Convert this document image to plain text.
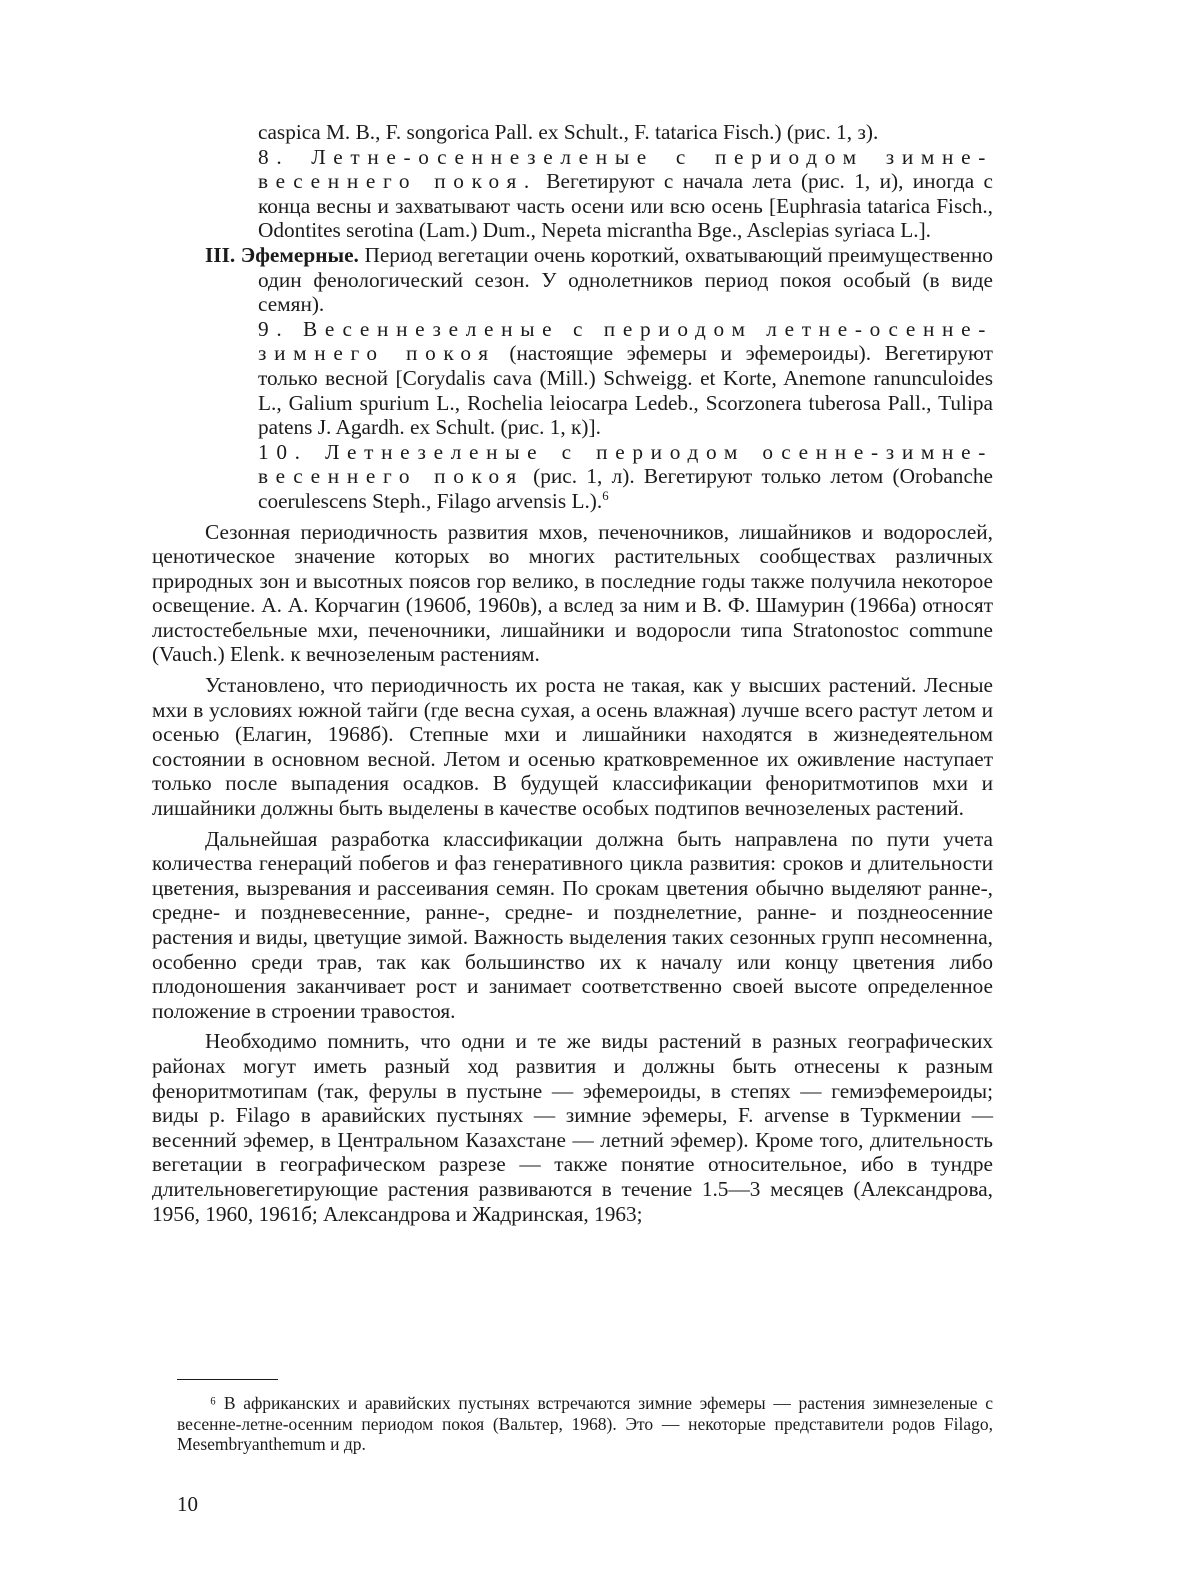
caspica M. B., F. songorica Pall. ex Schult., F. tatarica Fisch.) (рис. 1, з).

8. Летне-осеннезеленые с периодом зимне-весеннего покоя. Вегетируют с начала лета (рис. 1, и), иногда с конца весны и захватывают часть осени или всю осень [Euphrasia tatarica Fisch., Odontites serotina (Lam.) Dum., Nepeta micrantha Bge., Asclepias syriaca L.].

III. Эфемерные. Период вегетации очень короткий, охватывающий преимущественно один фенологический сезон. У однолетников период покоя особый (в виде семян).

9. Весеннезеленые с периодом летне-осенне-зимнего покоя (настоящие эфемеры и эфемероиды). Вегетируют только весной [Corydalis cava (Mill.) Schweigg. et Korte, Anemone ranunculoides L., Galium spurium L., Rochelia leiocarpa Ledeb., Scorzonera tuberosa Pall., Tulipa patens J. Agardh. ex Schult. (рис. 1, к)].

10. Летнезеленые с периодом осенне-зимне-весеннего покоя (рис. 1, л). Вегетируют только летом (Orobanche coerulescens Steph., Filago arvensis L.).$^6$

Сезонная периодичность развития мхов, печеночников, лишайников и водорослей, ценотическое значение которых во многих растительных сообществах различных природных зон и высотных поясов гор велико, в последние годы также получила некоторое освещение. А. А. Корчагин (1960б, 1960в), а вслед за ним и В. Ф. Шамурин (1966а) относят листостебельные мхи, печеночники, лишайники и водоросли типа Stratonostoc commune (Vauch.) Elenk. к вечнозеленым растениям.

Установлено, что периодичность их роста не такая, как у высших растений. Лесные мхи в условиях южной тайги (где весна сухая, а осень влажная) лучше всего растут летом и осенью (Елагин, 1968б). Степные мхи и лишайники находятся в жизнедеятельном состоянии в основном весной. Летом и осенью кратковременное их оживление наступает только после выпадения осадков. В будущей классификации феноритмотипов мхи и лишайники должны быть выделены в качестве особых подтипов вечнозеленых растений.

Дальнейшая разработка классификации должна быть направлена по пути учета количества генераций побегов и фаз генеративного цикла развития: сроков и длительности цветения, вызревания и рассеивания семян. По срокам цветения обычно выделяют ранне-, средне- и поздневесенние, ранне-, средне- и позднелетние, ранне- и позднеосенние растения и виды, цветущие зимой. Важность выделения таких сезонных групп несомненна, особенно среди трав, так как большинство их к началу или концу цветения либо плодоношения заканчивает рост и занимает соответственно своей высоте определенное положение в строении травостоя.

Необходимо помнить, что одни и те же виды растений в разных географических районах могут иметь разный ход развития и должны быть отнесены к разным феноритмотипам (так, ферулы в пустыне — эфемероиды, в степях — гемиэфемероиды; виды р. Filago в аравийских пустынях — зимние эфемеры, F. arvense в Туркмении — весенний эфемер, в Центральном Казахстане — летний эфемер). Кроме того, длительность вегетации в географическом разрезе — также понятие относительное, ибо в тундре длительновегетирующие растения развиваются в течение 1.5—3 месяцев (Александрова, 1956, 1960, 1961б; Александрова и Жадринская, 1963;

⁶ В африканских и аравийских пустынях встречаются зимние эфемеры — растения зимнезеленые с весенне-летне-осенним периодом покоя (Вальтер, 1968). Это — некоторые представители родов Filago, Mesembryanthemum и др.

10
